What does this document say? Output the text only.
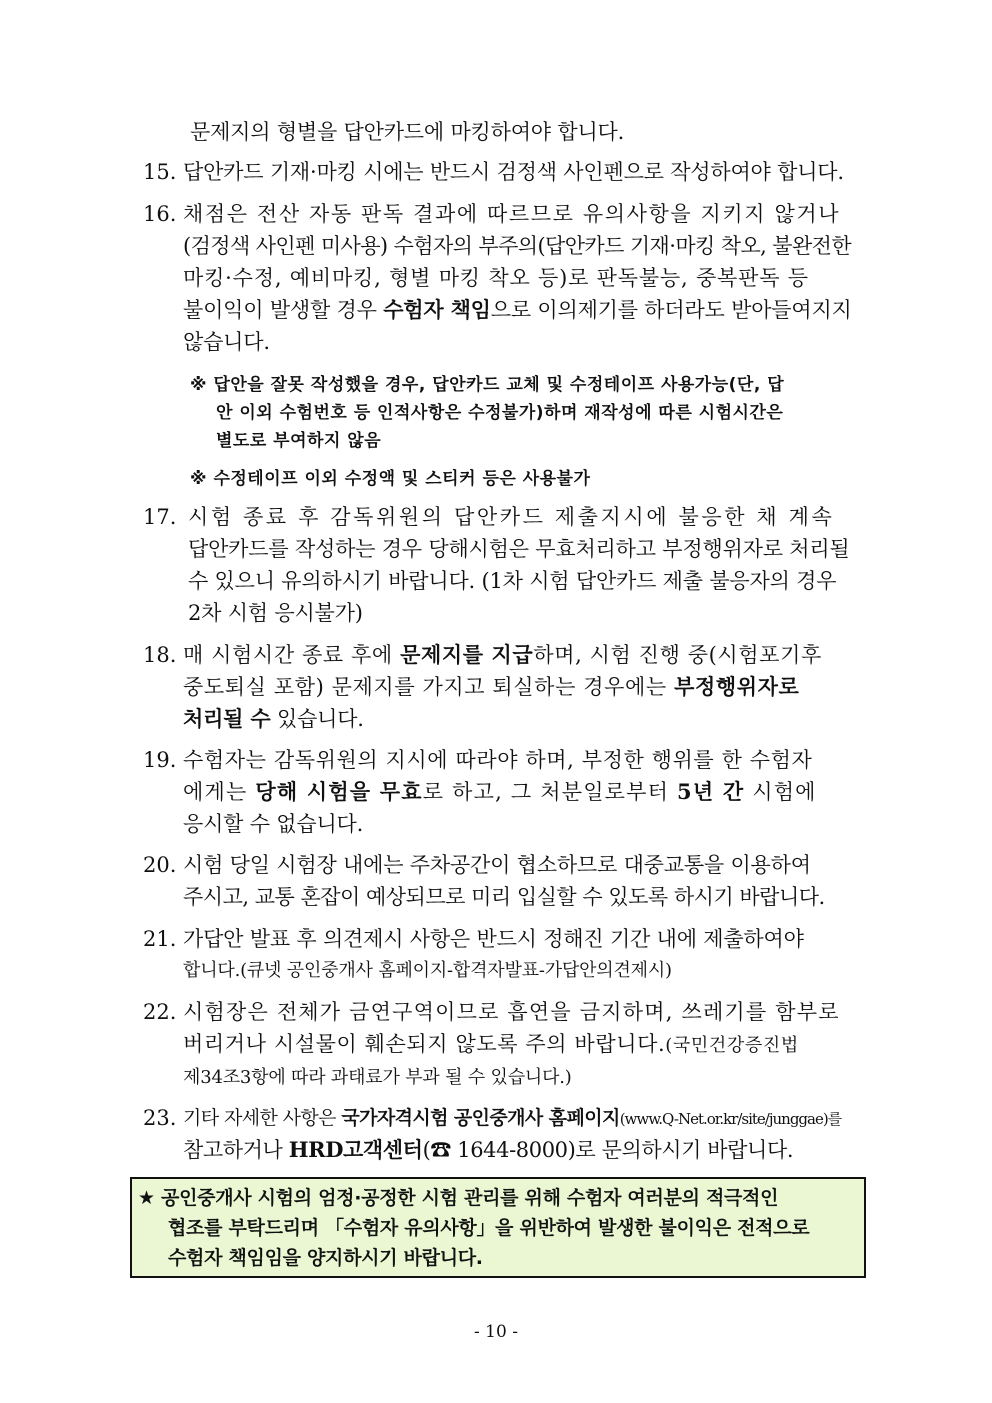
문제지의 형별을 답안카드에 마킹하여야 합니다.
15. 답안카드 기재·마킹 시에는 반드시 검정색 사인펜으로 작성하여야 합니다.
16. 채점은 전산 자동 판독 결과에 따르므로 유의사항을 지키지 않거나
(검정색 사인펜 미사용) 수험자의 부주의(답안카드 기재·마킹 착오, 불완전한
마킹·수정, 예비마킹, 형별 마킹 착오 등)로 판독불능, 중복판독 등
불이익이 발생할 경우 수험자 책임으로 이의제기를 하더라도 받아들여지지
않습니다.
※ 답안을 잘못 작성했을 경우, 답안카드 교체 및 수정테이프 사용가능(단, 답
안 이외 수험번호 등 인적사항은 수정불가)하며 재작성에 따른 시험시간은
별도로 부여하지 않음
※ 수정테이프 이외 수정액 및 스티커 등은 사용불가
17. 시험 종료 후 감독위원의 답안카드 제출지시에 불응한 채 계속
답안카드를 작성하는 경우 당해시험은 무효처리하고 부정행위자로 처리될
수 있으니 유의하시기 바랍니다. (1차 시험 답안카드 제출 불응자의 경우
2차 시험 응시불가)
18. 매 시험시간 종료 후에 문제지를 지급하며, 시험 진행 중(시험포기후
중도퇴실 포함) 문제지를 가지고 퇴실하는 경우에는 부정행위자로
처리될 수 있습니다.
19. 수험자는 감독위원의 지시에 따라야 하며, 부정한 행위를 한 수험자
에게는 당해 시험을 무효로 하고, 그 처분일로부터 5년 간 시험에
응시할 수 없습니다.
20. 시험 당일 시험장 내에는 주차공간이 협소하므로 대중교통을 이용하여
주시고, 교통 혼잡이 예상되므로 미리 입실할 수 있도록 하시기 바랍니다.
21. 가답안 발표 후 의견제시 사항은 반드시 정해진 기간 내에 제출하여야
합니다.(큐넷 공인중개사 홈페이지-합격자발표-가답안의견제시)
22. 시험장은 전체가 금연구역이므로 흡연을 금지하며, 쓰레기를 함부로
버리거나 시설물이 훼손되지 않도록 주의 바랍니다.(국민건강증진법
제34조3항에 따라 과태료가 부과 될 수 있습니다.)
23. 기타 자세한 사항은 국가자격시험 공인중개사 홈페이지(www.Q-Net.or.kr/site/junggae)를
참고하거나 HRD고객센터(☎ 1644-8000)로 문의하시기 바랍니다.
★ 공인중개사 시험의 엄정·공정한 시험 관리를 위해 수험자 여러분의 적극적인
협조를 부탁드리며 「수험자 유의사항」을 위반하여 발생한 불이익은 전적으로
수험자 책임임을 양지하시기 바랍니다.
- 10 -
